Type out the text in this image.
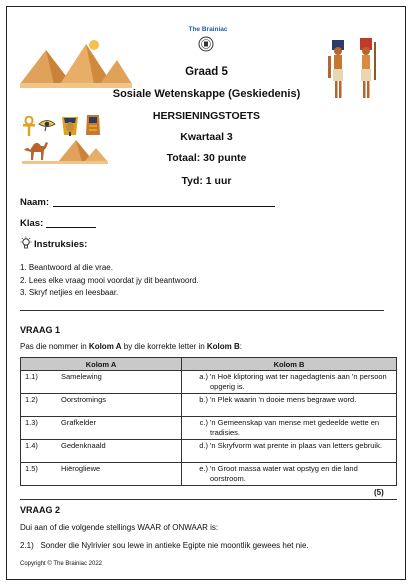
The Brainiac
Graad 5
Sosiale Wetenskappe (Geskiedenis)
HERSIENINGSTOETS
Kwartaal 3
Totaal: 30 punte
Tyd: 1 uur
Naam:
Klas:
Instruksies:
1. Beantwoord al die vrae.
2. Lees elke vraag mooi voordat jy dit beantwoord.
3. Skryf netjies en leesbaar.
VRAAG 1
Pas die nommer in Kolom A by die korrekte letter in Kolom B:
Kolom A		Kolom B	
1.1)	Samelewing	a.)	'n Hoë kliptoring wat ter nagedagtenis aan 'n persoon opgerig is.
1.2)	Oorstromings	b.)	'n Plek waarin 'n dooie mens begrawe word.
1.3)	Grafkelder	c.)	'n Gemeenskap van mense met gedeelde wette en tradisies.
1.4)	Gedenknaald	d.)	'n Skryfvorm wat prente in plaas van letters gebruik.
1.5)	Hiërogliewe	e.)	'n Groot massa water wat opstyg en die land oorstroom.
(5)
VRAAG 2
Dui aan of die volgende stellings WAAR of ONWAAR is:
2.1) Sonder die Nylrivier sou lewe in antieke Egipte nie moontlik gewees het nie.
Copyright © The Brainiac 2022
